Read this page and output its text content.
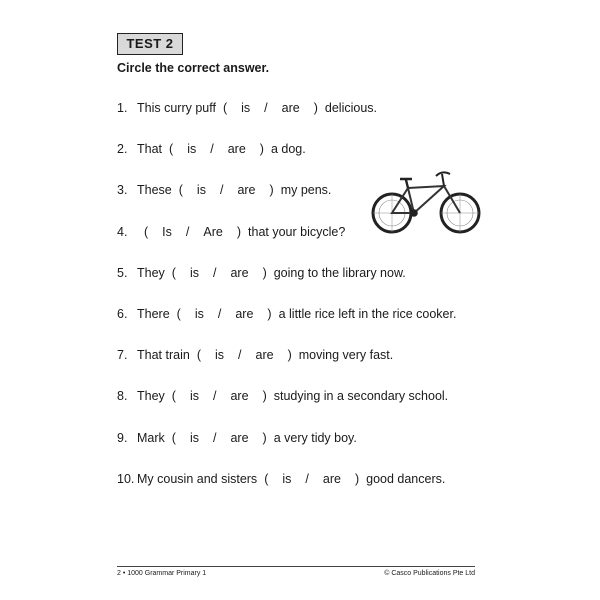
TEST 2
Circle the correct answer.
1. This curry puff ( is / are ) delicious.
2. That ( is / are ) a dog.
3. These ( is / are ) my pens.
4. ( Is / Are ) that your bicycle?
5. They ( is / are ) going to the library now.
6. There ( is / are ) a little rice left in the rice cooker.
7. That train ( is / are ) moving very fast.
8. They ( is / are ) studying in a secondary school.
9. Mark ( is / are ) a very tidy boy.
10. My cousin and sisters ( is / are ) good dancers.
2 • 1000 Grammar Primary 1	© Casco Publications Pte Ltd
